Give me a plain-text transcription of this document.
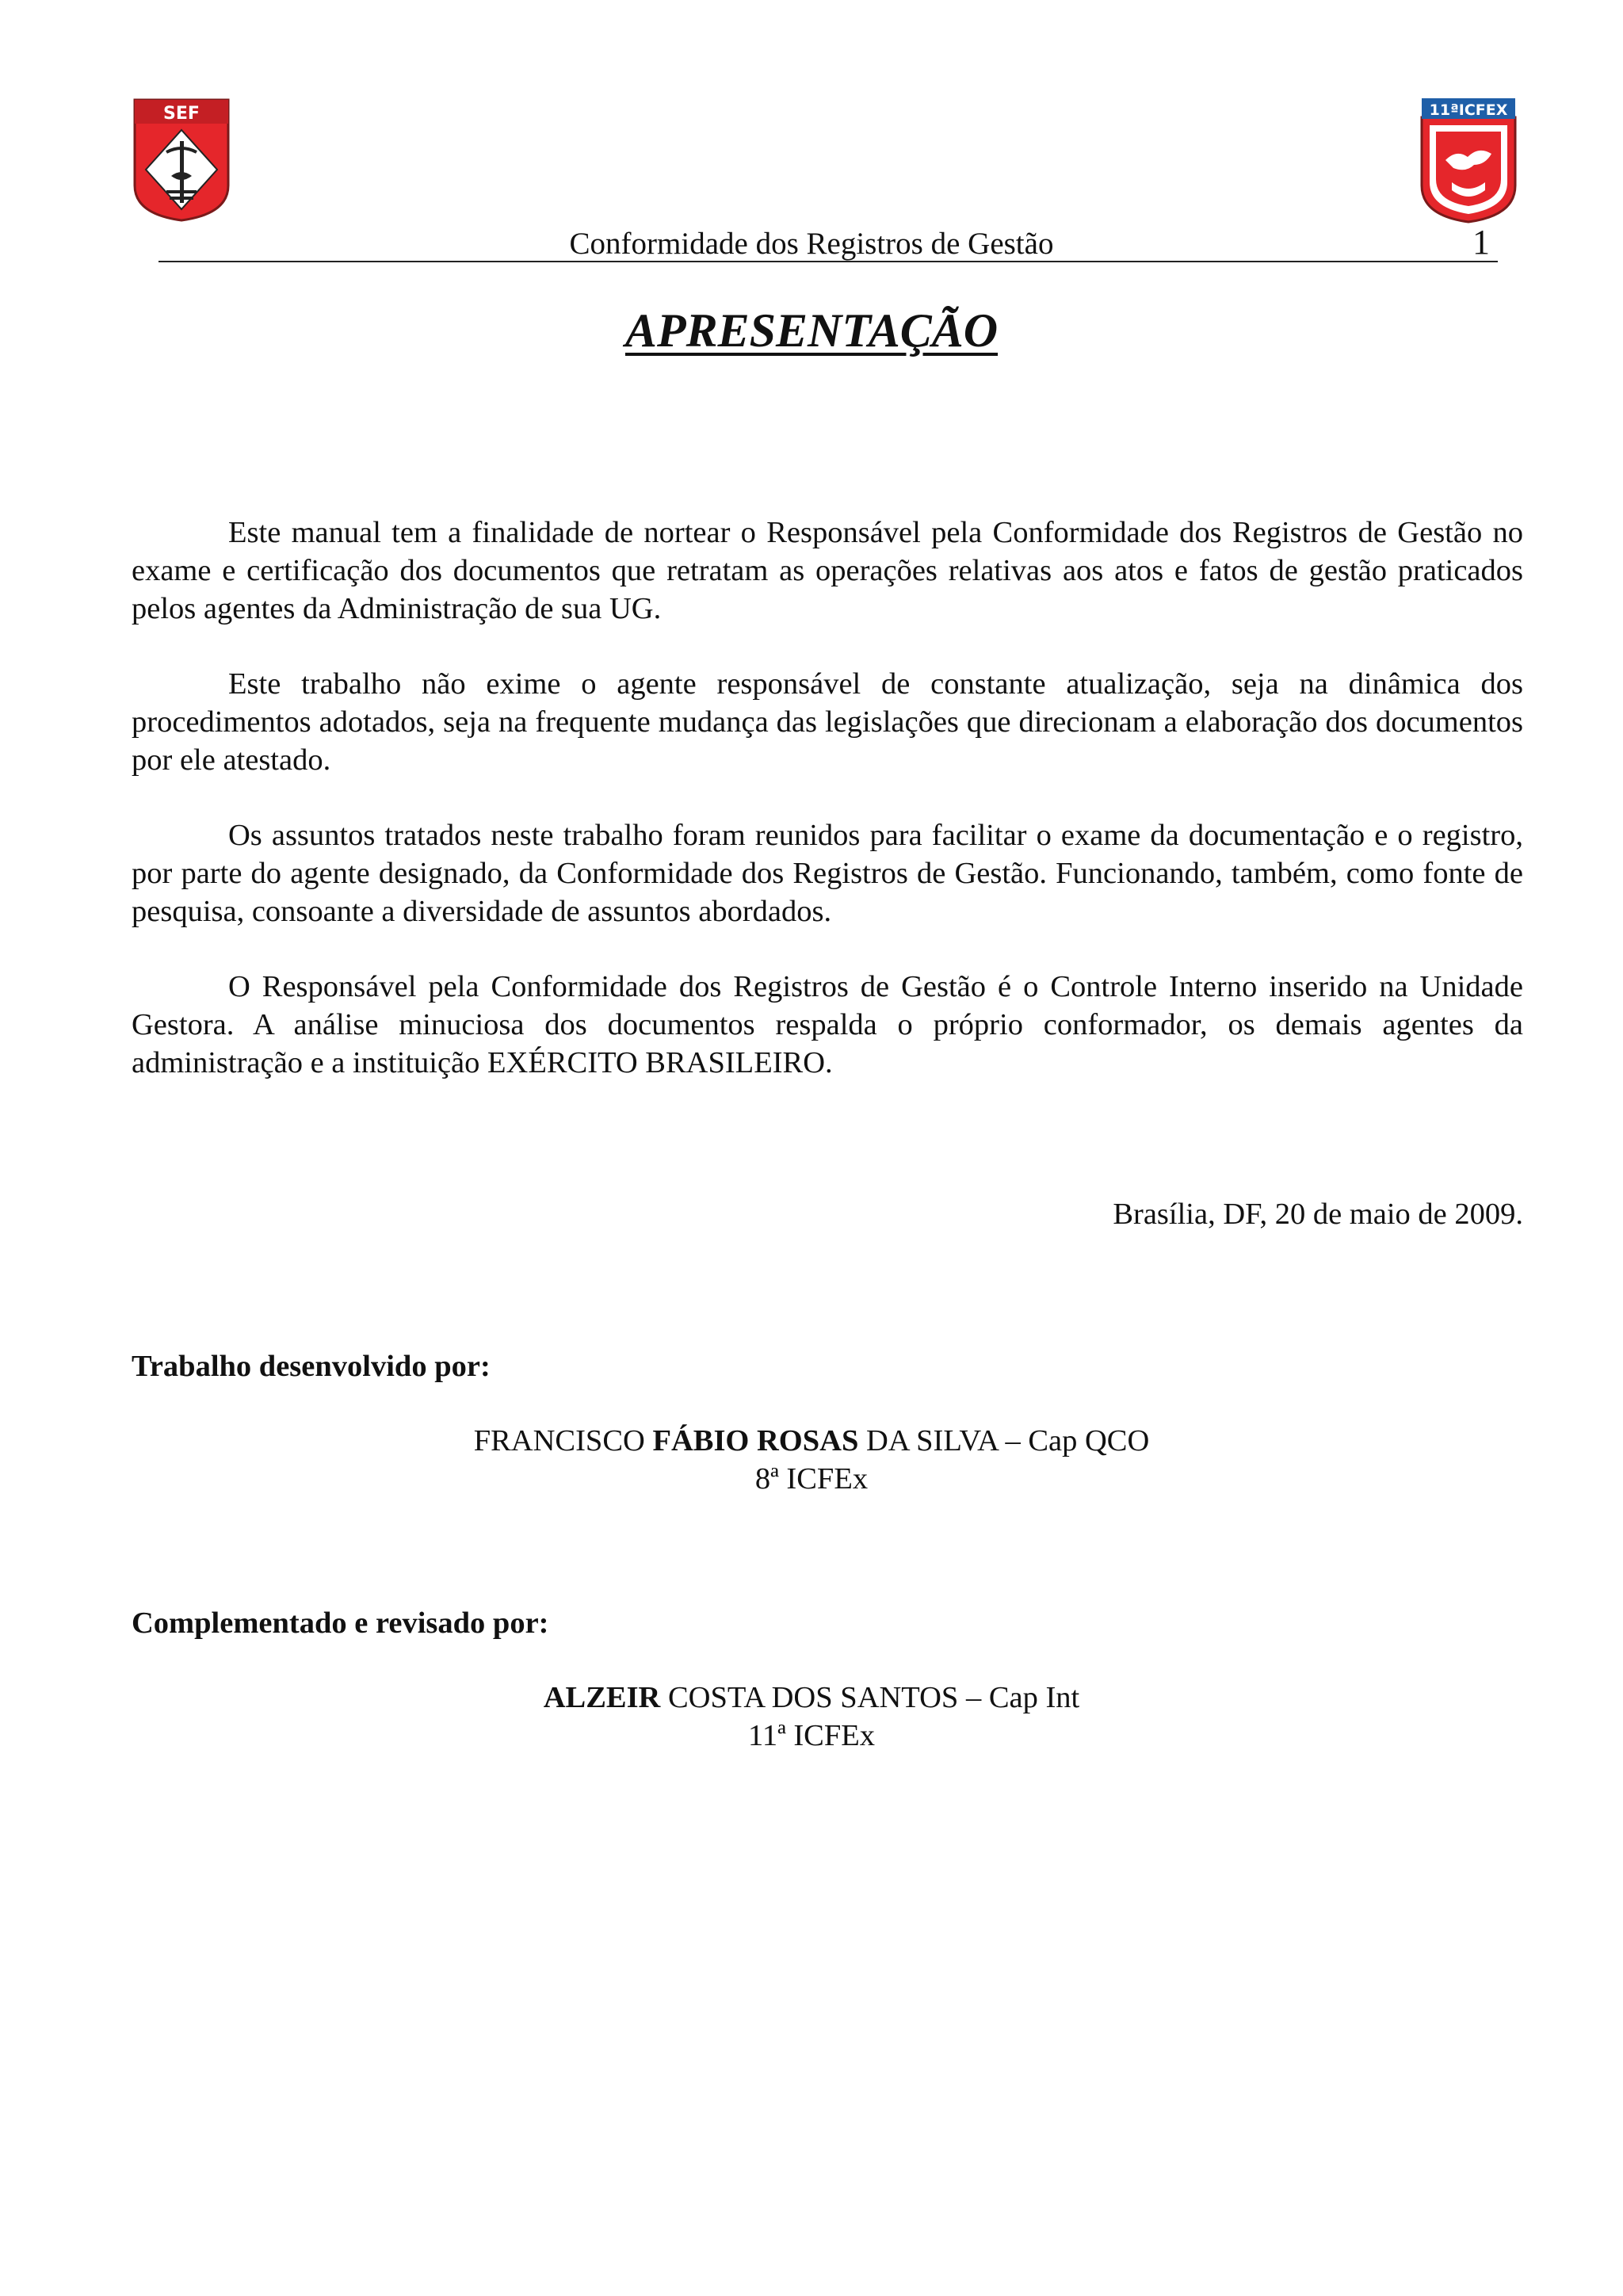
SEF	11ªICFEX
Conformidade dos Registros de Gestão	1
APRESENTAÇÃO

Este manual tem a finalidade de nortear o Responsável pela Conformidade dos Registros de Gestão no exame e certificação dos documentos que retratam as operações relativas aos atos e fatos de gestão praticados pelos agentes da Administração de sua UG.

Este trabalho não exime o agente responsável de constante atualização, seja na dinâmica dos procedimentos adotados, seja na frequente mudança das legislações que direcionam a elaboração dos documentos por ele atestado.

Os assuntos tratados neste trabalho foram reunidos para facilitar o exame da documentação e o registro, por parte do agente designado, da Conformidade dos Registros de Gestão. Funcionando, também, como fonte de pesquisa, consoante a diversidade de assuntos abordados.

O Responsável pela Conformidade dos Registros de Gestão é o Controle Interno inserido na Unidade Gestora. A análise minuciosa dos documentos respalda o próprio conformador, os demais agentes da administração e a instituição EXÉRCITO BRASILEIRO.

Brasília, DF, 20 de maio de 2009.
Trabalho desenvolvido por:
FRANCISCO FÁBIO ROSAS DA SILVA – Cap QCO
8ª ICFEx
Complementado e revisado por:
ALZEIR COSTA DOS SANTOS – Cap Int
11ª ICFEx
